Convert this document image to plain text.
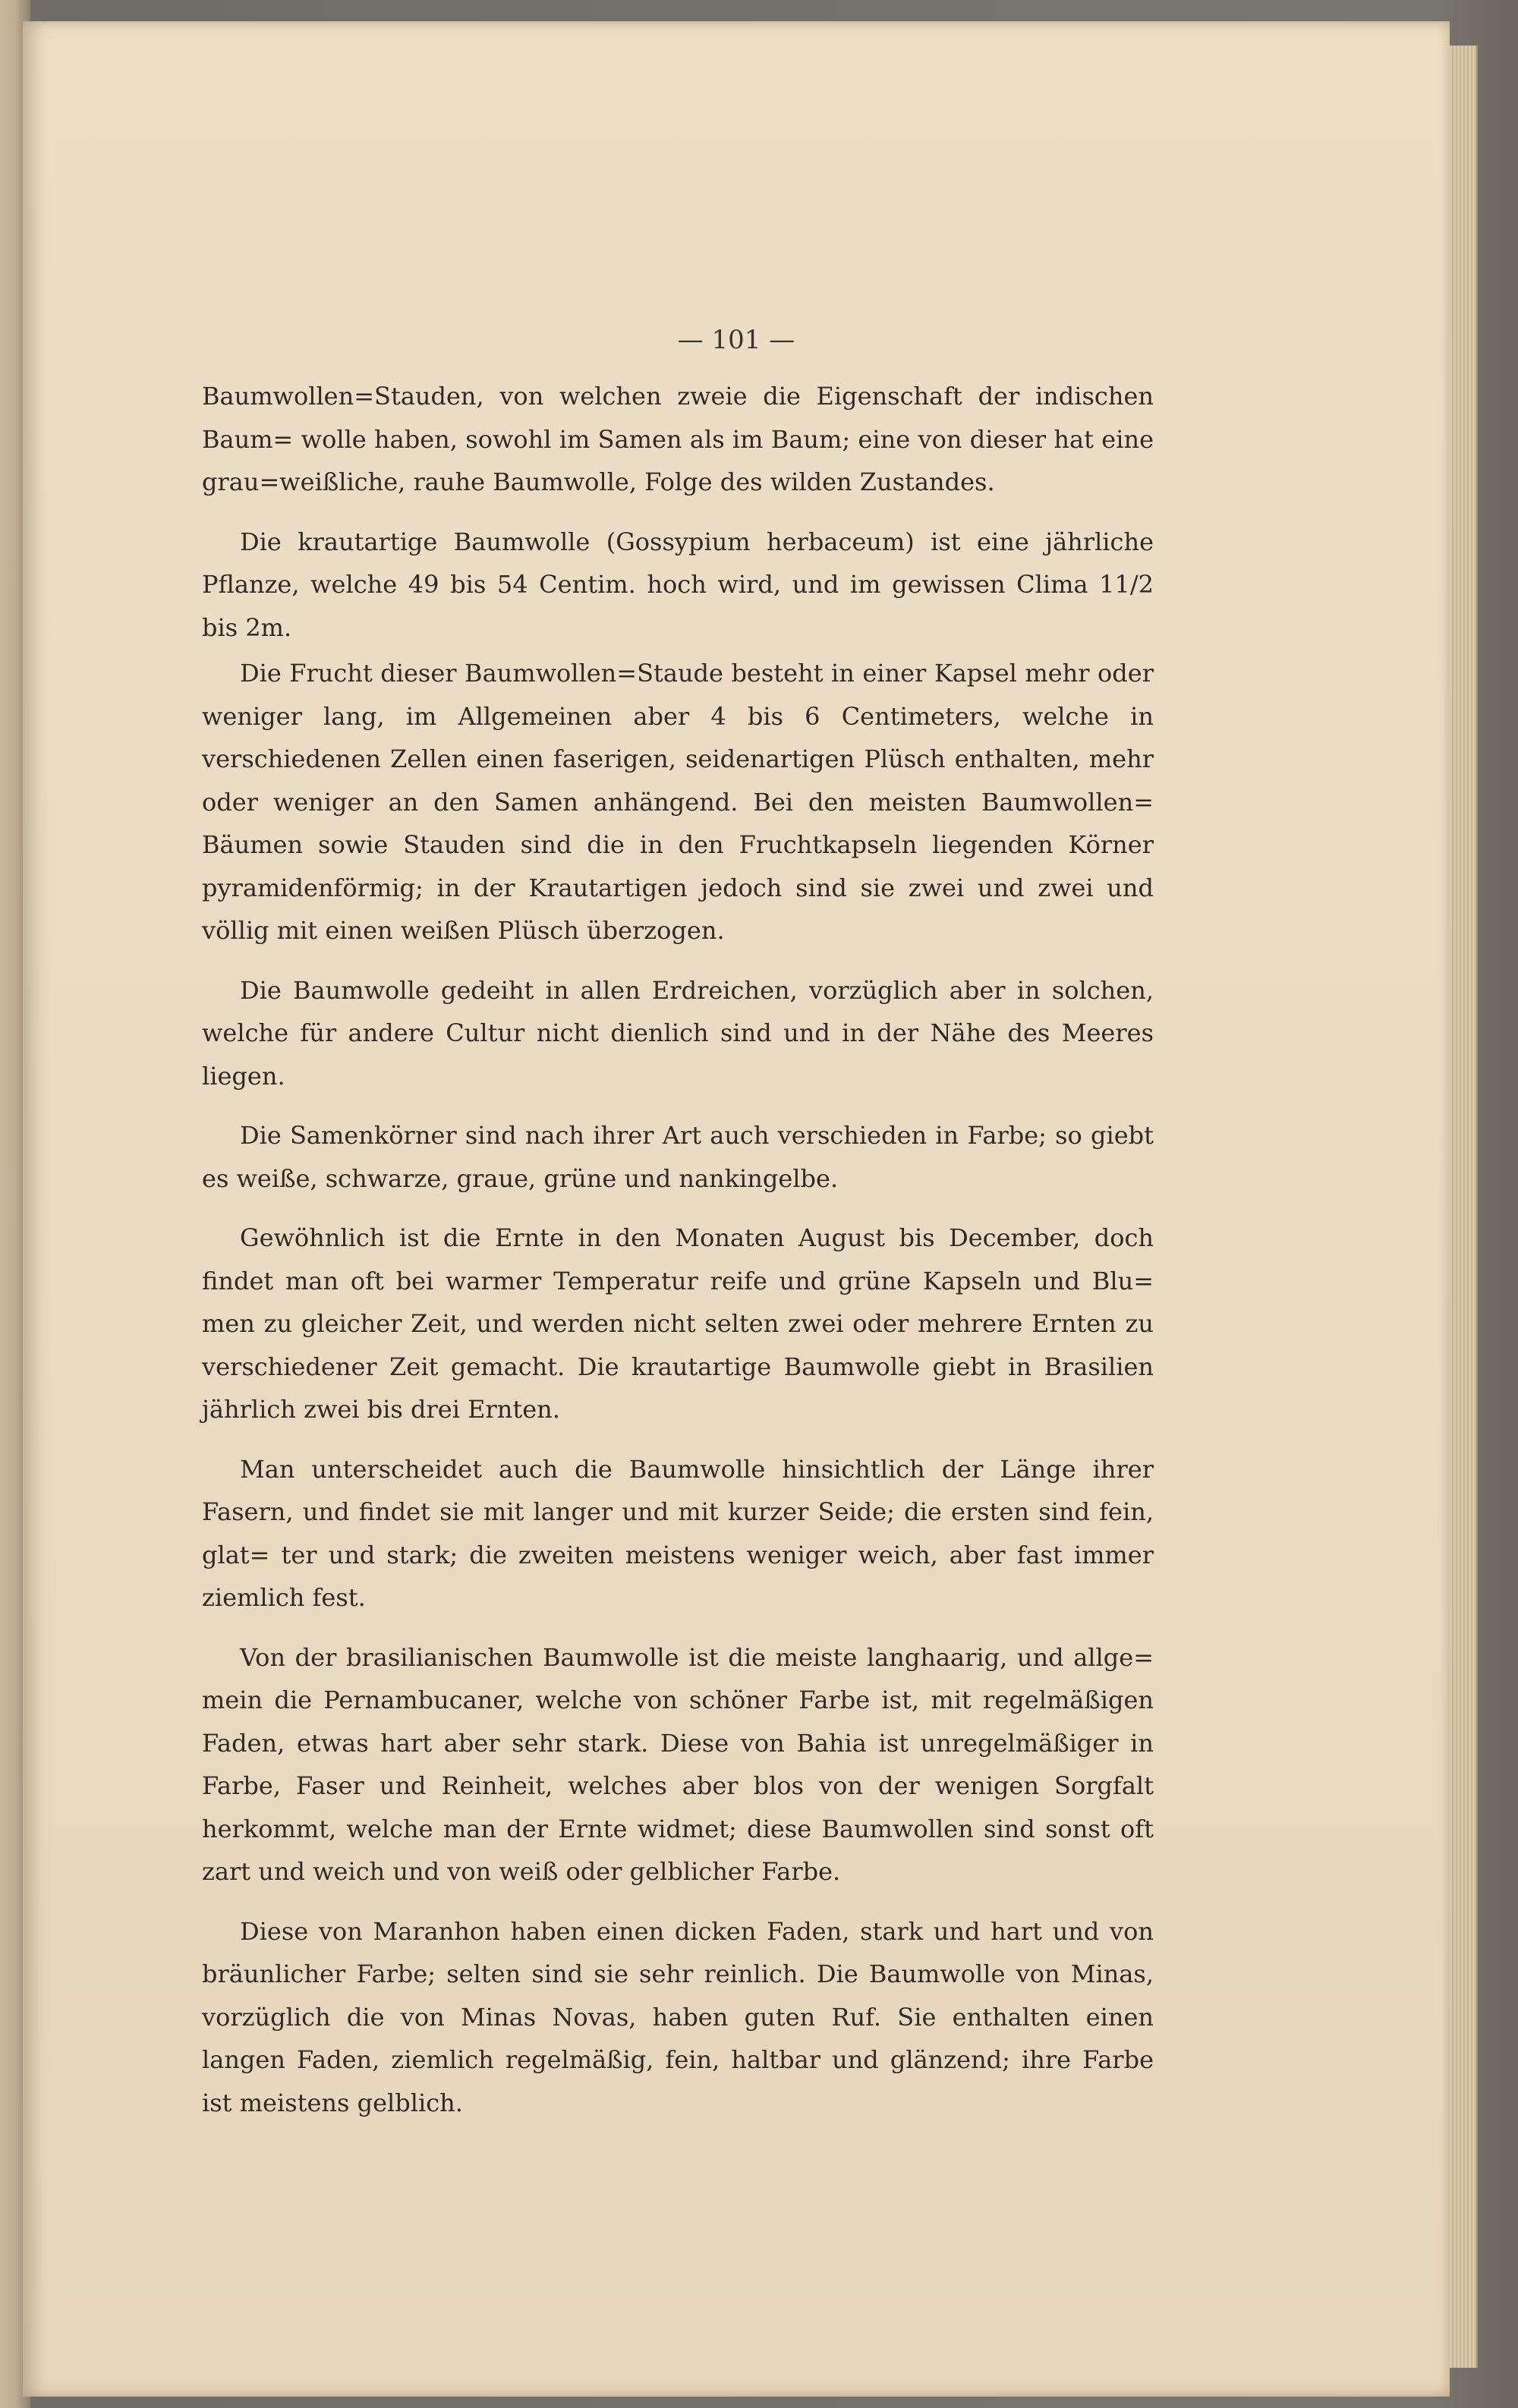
— 101 —

Baumwollen=Stauden, von welchen zweie die Eigenschaft der indischen Baum= wolle haben, sowohl im Samen als im Baum; eine von dieser hat eine grau=weißliche, rauhe Baumwolle, Folge des wilden Zustandes.

Die krautartige Baumwolle (Gossypium herbaceum) ist eine jährliche Pflanze, welche 49 bis 54 Centim. hoch wird, und im gewissen Clima 11/2 bis 2m.

Die Frucht dieser Baumwollen=Staude besteht in einer Kapsel mehr oder weniger lang, im Allgemeinen aber 4 bis 6 Centimeters, welche in verschiedenen Zellen einen faserigen, seidenartigen Plüsch enthalten, mehr oder weniger an den Samen anhängend. Bei den meisten Baumwollen= Bäumen sowie Stauden sind die in den Fruchtkapseln liegenden Körner pyramidenförmig; in der Krautartigen jedoch sind sie zwei und zwei und völlig mit einen weißen Plüsch überzogen.

Die Baumwolle gedeiht in allen Erdreichen, vorzüglich aber in solchen, welche für andere Cultur nicht dienlich sind und in der Nähe des Meeres liegen.

Die Samenkörner sind nach ihrer Art auch verschieden in Farbe; so giebt es weiße, schwarze, graue, grüne und nankingelbe.

Gewöhnlich ist die Ernte in den Monaten August bis December, doch findet man oft bei warmer Temperatur reife und grüne Kapseln und Blu= men zu gleicher Zeit, und werden nicht selten zwei oder mehrere Ernten zu verschiedener Zeit gemacht. Die krautartige Baumwolle giebt in Brasilien jährlich zwei bis drei Ernten.

Man unterscheidet auch die Baumwolle hinsichtlich der Länge ihrer Fasern, und findet sie mit langer und mit kurzer Seide; die ersten sind fein, glat= ter und stark; die zweiten meistens weniger weich, aber fast immer ziemlich fest.

Von der brasilianischen Baumwolle ist die meiste langhaarig, und allge= mein die Pernambucaner, welche von schöner Farbe ist, mit regelmäßigen Faden, etwas hart aber sehr stark. Diese von Bahia ist unregelmäßiger in Farbe, Faser und Reinheit, welches aber blos von der wenigen Sorgfalt herkommt, welche man der Ernte widmet; diese Baumwollen sind sonst oft zart und weich und von weiß oder gelblicher Farbe.

Diese von Maranhon haben einen dicken Faden, stark und hart und von bräunlicher Farbe; selten sind sie sehr reinlich. Die Baumwolle von Minas, vorzüglich die von Minas Novas, haben guten Ruf. Sie enthalten einen langen Faden, ziemlich regelmäßig, fein, haltbar und glänzend; ihre Farbe ist meistens gelblich.
